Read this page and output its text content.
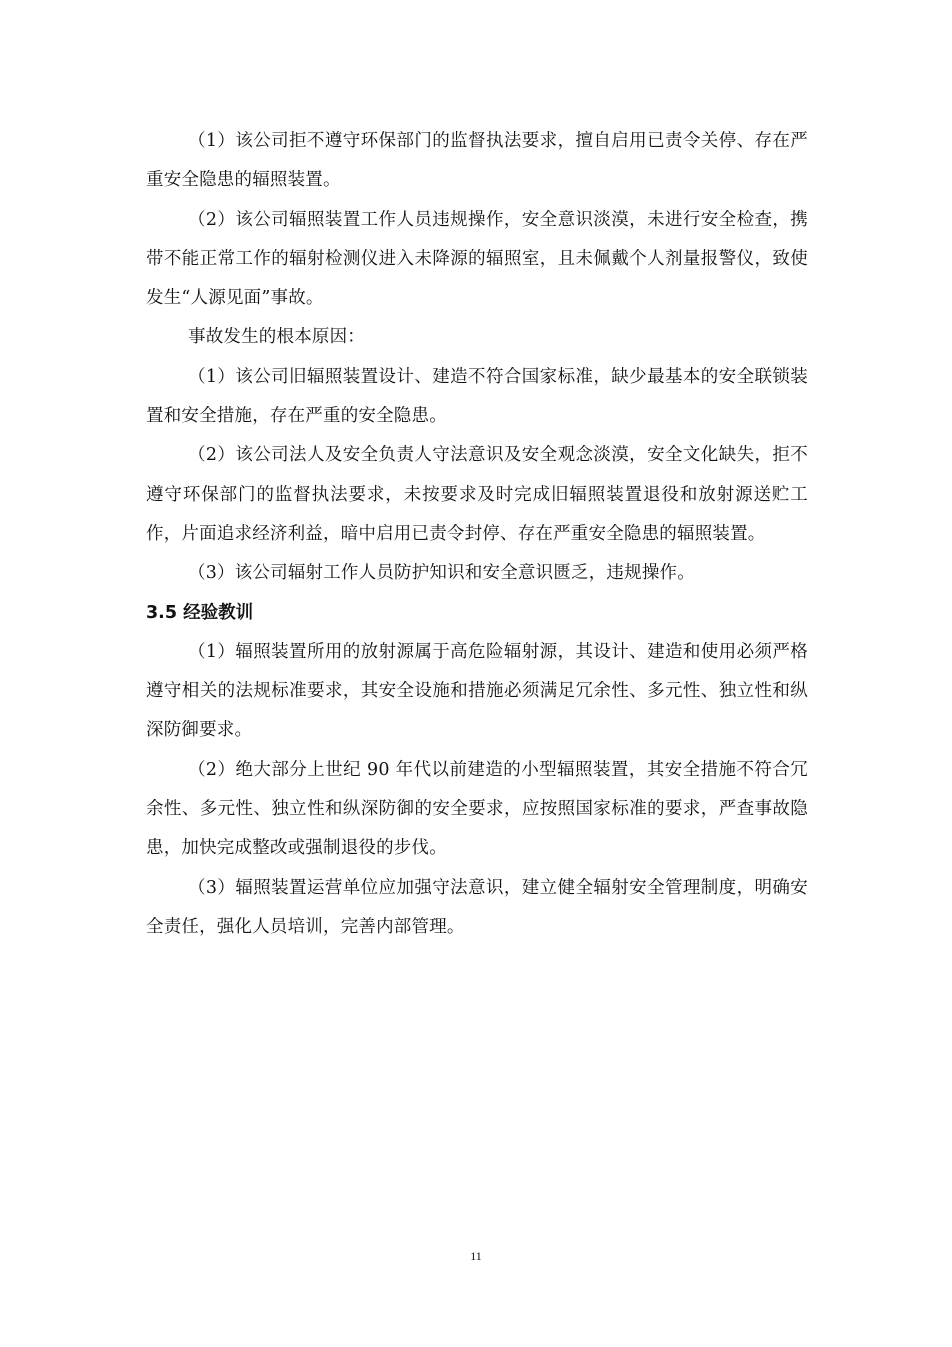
（1）该公司拒不遵守环保部门的监督执法要求，擅自启用已责令关停、存在严重安全隐患的辐照装置。

（2）该公司辐照装置工作人员违规操作，安全意识淡漠，未进行安全检查，携带不能正常工作的辐射检测仪进入未降源的辐照室，且未佩戴个人剂量报警仪，致使发生“人源见面”事故。

事故发生的根本原因：

（1）该公司旧辐照装置设计、建造不符合国家标准，缺少最基本的安全联锁装置和安全措施，存在严重的安全隐患。

（2）该公司法人及安全负责人守法意识及安全观念淡漠，安全文化缺失，拒不遵守环保部门的监督执法要求，未按要求及时完成旧辐照装置退役和放射源送贮工作，片面追求经济利益，暗中启用已责令封停、存在严重安全隐患的辐照装置。

（3）该公司辐射工作人员防护知识和安全意识匮乏，违规操作。

3.5 经验教训

（1）辐照装置所用的放射源属于高危险辐射源，其设计、建造和使用必须严格遵守相关的法规标准要求，其安全设施和措施必须满足冗余性、多元性、独立性和纵深防御要求。

（2）绝大部分上世纪 90 年代以前建造的小型辐照装置，其安全措施不符合冗余性、多元性、独立性和纵深防御的安全要求，应按照国家标准的要求，严查事故隐患，加快完成整改或强制退役的步伐。

（3）辐照装置运营单位应加强守法意识，建立健全辐射安全管理制度，明确安全责任，强化人员培训，完善内部管理。

11
